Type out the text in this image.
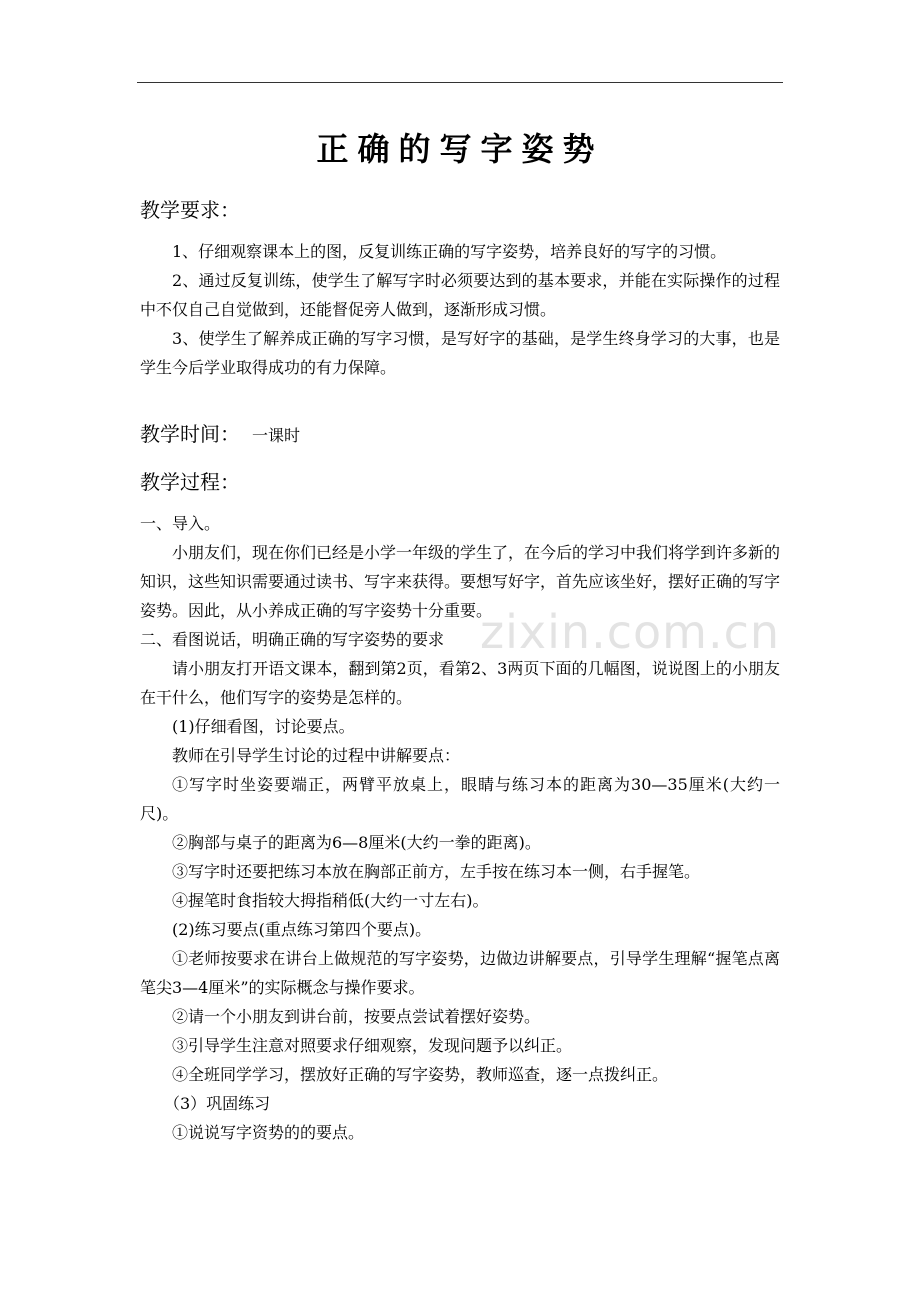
正确的写字姿势
教学要求：
1、仔细观察课本上的图，反复训练正确的写字姿势，培养良好的写字的习惯。
2、通过反复训练，使学生了解写字时必须要达到的基本要求，并能在实际操作的过程中不仅自己自觉做到，还能督促旁人做到，逐渐形成习惯。
3、使学生了解养成正确的写字习惯，是写好字的基础，是学生终身学习的大事，也是学生今后学业取得成功的有力保障。
教学时间： 一课时
教学过程：
一、导入。
小朋友们，现在你们已经是小学一年级的学生了，在今后的学习中我们将学到许多新的知识，这些知识需要通过读书、写字来获得。要想写好字，首先应该坐好，摆好正确的写字姿势。因此，从小养成正确的写字姿势十分重要。
二、看图说话，明确正确的写字姿势的要求
请小朋友打开语文课本，翻到第2页，看第2、3两页下面的几幅图，说说图上的小朋友在干什么，他们写字的姿势是怎样的。
(1)仔细看图，讨论要点。
教师在引导学生讨论的过程中讲解要点：
①写字时坐姿要端正，两臂平放桌上，眼睛与练习本的距离为30—35厘米(大约一尺)。
②胸部与桌子的距离为6—8厘米(大约一拳的距离)。
③写字时还要把练习本放在胸部正前方，左手按在练习本一侧，右手握笔。
④握笔时食指较大拇指稍低(大约一寸左右)。
(2)练习要点(重点练习第四个要点)。
①老师按要求在讲台上做规范的写字姿势，边做边讲解要点，引导学生理解“握笔点离笔尖3—4厘米”的实际概念与操作要求。
②请一个小朋友到讲台前，按要点尝试着摆好姿势。
③引导学生注意对照要求仔细观察，发现问题予以纠正。
④全班同学学习，摆放好正确的写字姿势，教师巡查，逐一点拨纠正。
（3）巩固练习
①说说写字资势的的要点。
zixin.com.cn
